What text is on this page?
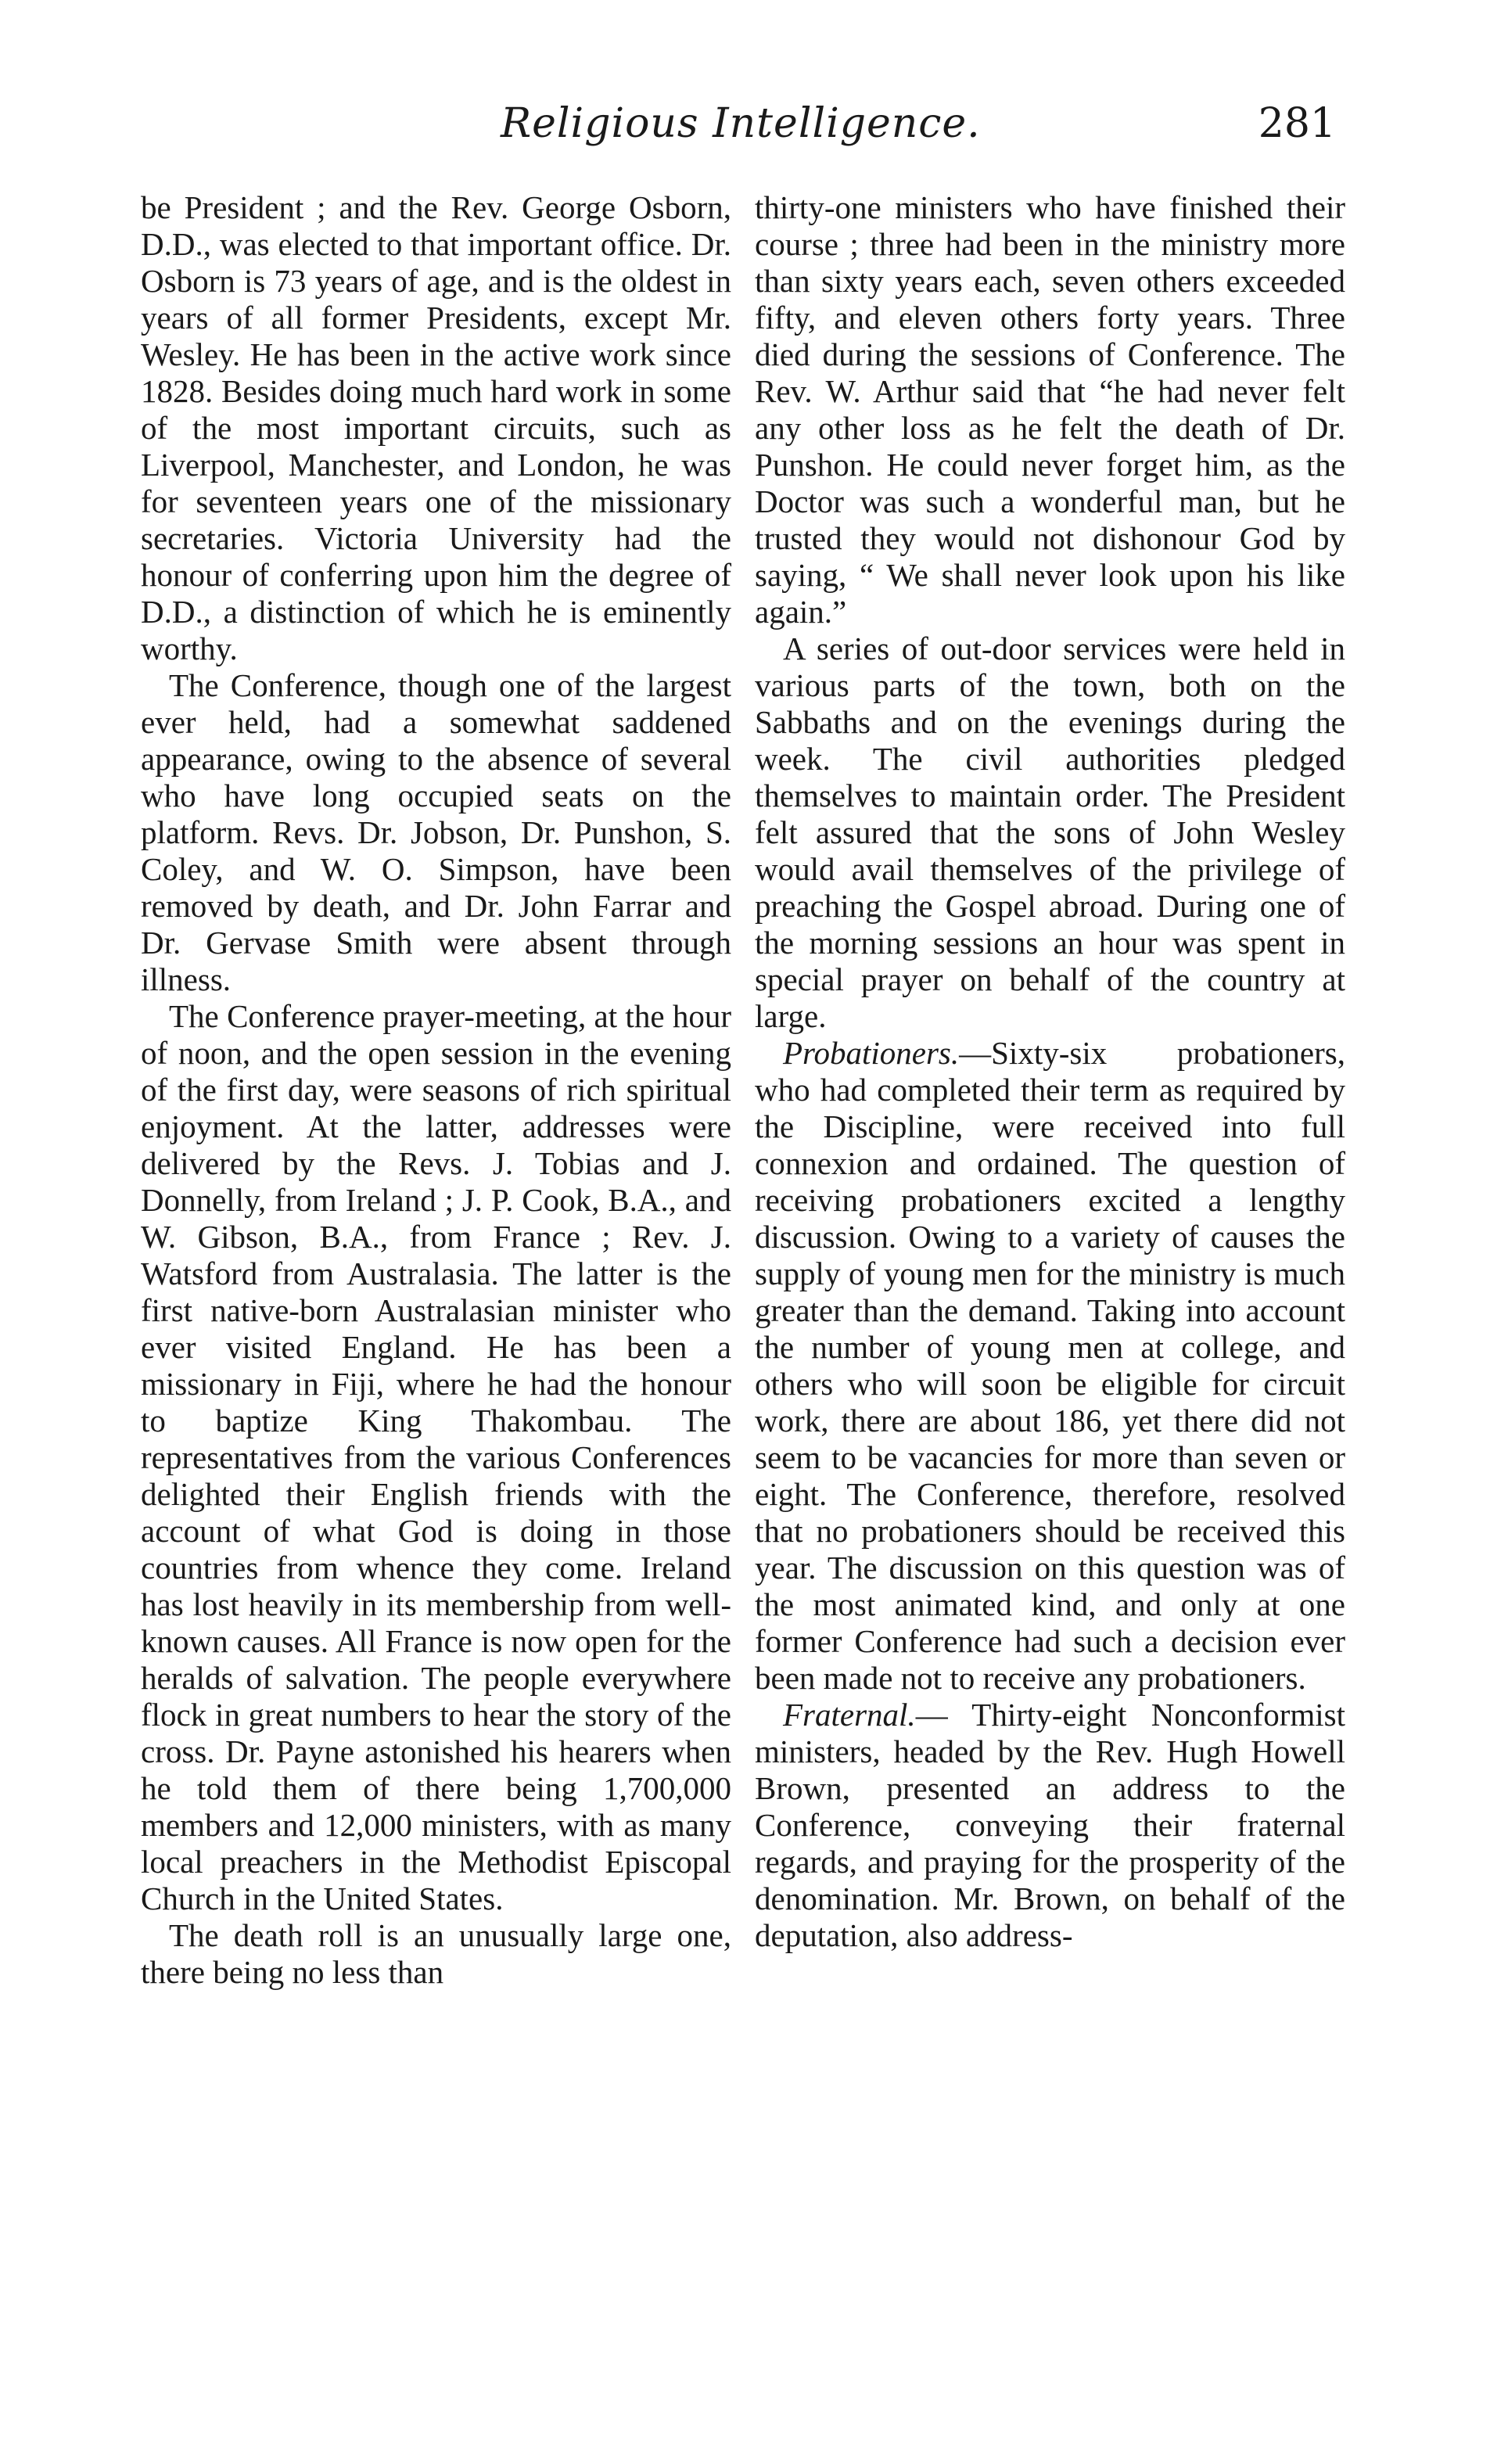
Religious Intelligence.	281

be President ; and the Rev. George Osborn, D.D., was elected to that important office. Dr. Osborn is 73 years of age, and is the oldest in years of all former Presidents, except Mr. Wesley. He has been in the active work since 1828. Besides doing much hard work in some of the most important circuits, such as Liverpool, Manchester, and London, he was for seventeen years one of the missionary secretaries. Victoria University had the honour of conferring upon him the degree of D.D., a distinction of which he is eminently worthy.

The Conference, though one of the largest ever held, had a somewhat saddened appearance, owing to the absence of several who have long occupied seats on the platform. Revs. Dr. Jobson, Dr. Punshon, S. Coley, and W. O. Simpson, have been removed by death, and Dr. John Farrar and Dr. Gervase Smith were absent through illness.

The Conference prayer-meeting, at the hour of noon, and the open session in the evening of the first day, were seasons of rich spiritual enjoyment. At the latter, addresses were delivered by the Revs. J. Tobias and J. Donnelly, from Ireland ; J. P. Cook, B.A., and W. Gibson, B.A., from France ; Rev. J. Watsford from Australasia. The latter is the first native-born Australasian minister who ever visited England. He has been a missionary in Fiji, where he had the honour to baptize King Thakombau. The representatives from the various Conferences delighted their English friends with the account of what God is doing in those countries from whence they come. Ireland has lost heavily in its membership from well-known causes. All France is now open for the heralds of salvation. The people everywhere flock in great numbers to hear the story of the cross. Dr. Payne astonished his hearers when he told them of there being 1,700,000 members and 12,000 ministers, with as many local preachers in the Methodist Episcopal Church in the United States.

The death roll is an unusually large one, there being no less than

thirty-one ministers who have finished their course ; three had been in the ministry more than sixty years each, seven others exceeded fifty, and eleven others forty years. Three died during the sessions of Conference. The Rev. W. Arthur said that “he had never felt any other loss as he felt the death of Dr. Punshon. He could never forget him, as the Doctor was such a wonderful man, but he trusted they would not dishonour God by saying, “ We shall never look upon his like again.”

A series of out-door services were held in various parts of the town, both on the Sabbaths and on the evenings during the week. The civil authorities pledged themselves to maintain order. The President felt assured that the sons of John Wesley would avail themselves of the privilege of preaching the Gospel abroad. During one of the morning sessions an hour was spent in special prayer on behalf of the country at large.

Probationers.—Sixty-six probationers, who had completed their term as required by the Discipline, were received into full connexion and ordained. The question of receiving probationers excited a lengthy discussion. Owing to a variety of causes the supply of young men for the ministry is much greater than the demand. Taking into account the number of young men at college, and others who will soon be eligible for circuit work, there are about 186, yet there did not seem to be vacancies for more than seven or eight. The Conference, therefore, resolved that no probationers should be received this year. The discussion on this question was of the most animated kind, and only at one former Conference had such a decision ever been made not to receive any probationers.

Fraternal.— Thirty-eight Nonconformist ministers, headed by the Rev. Hugh Howell Brown, presented an address to the Conference, conveying their fraternal regards, and praying for the prosperity of the denomination. Mr. Brown, on behalf of the deputation, also address-
